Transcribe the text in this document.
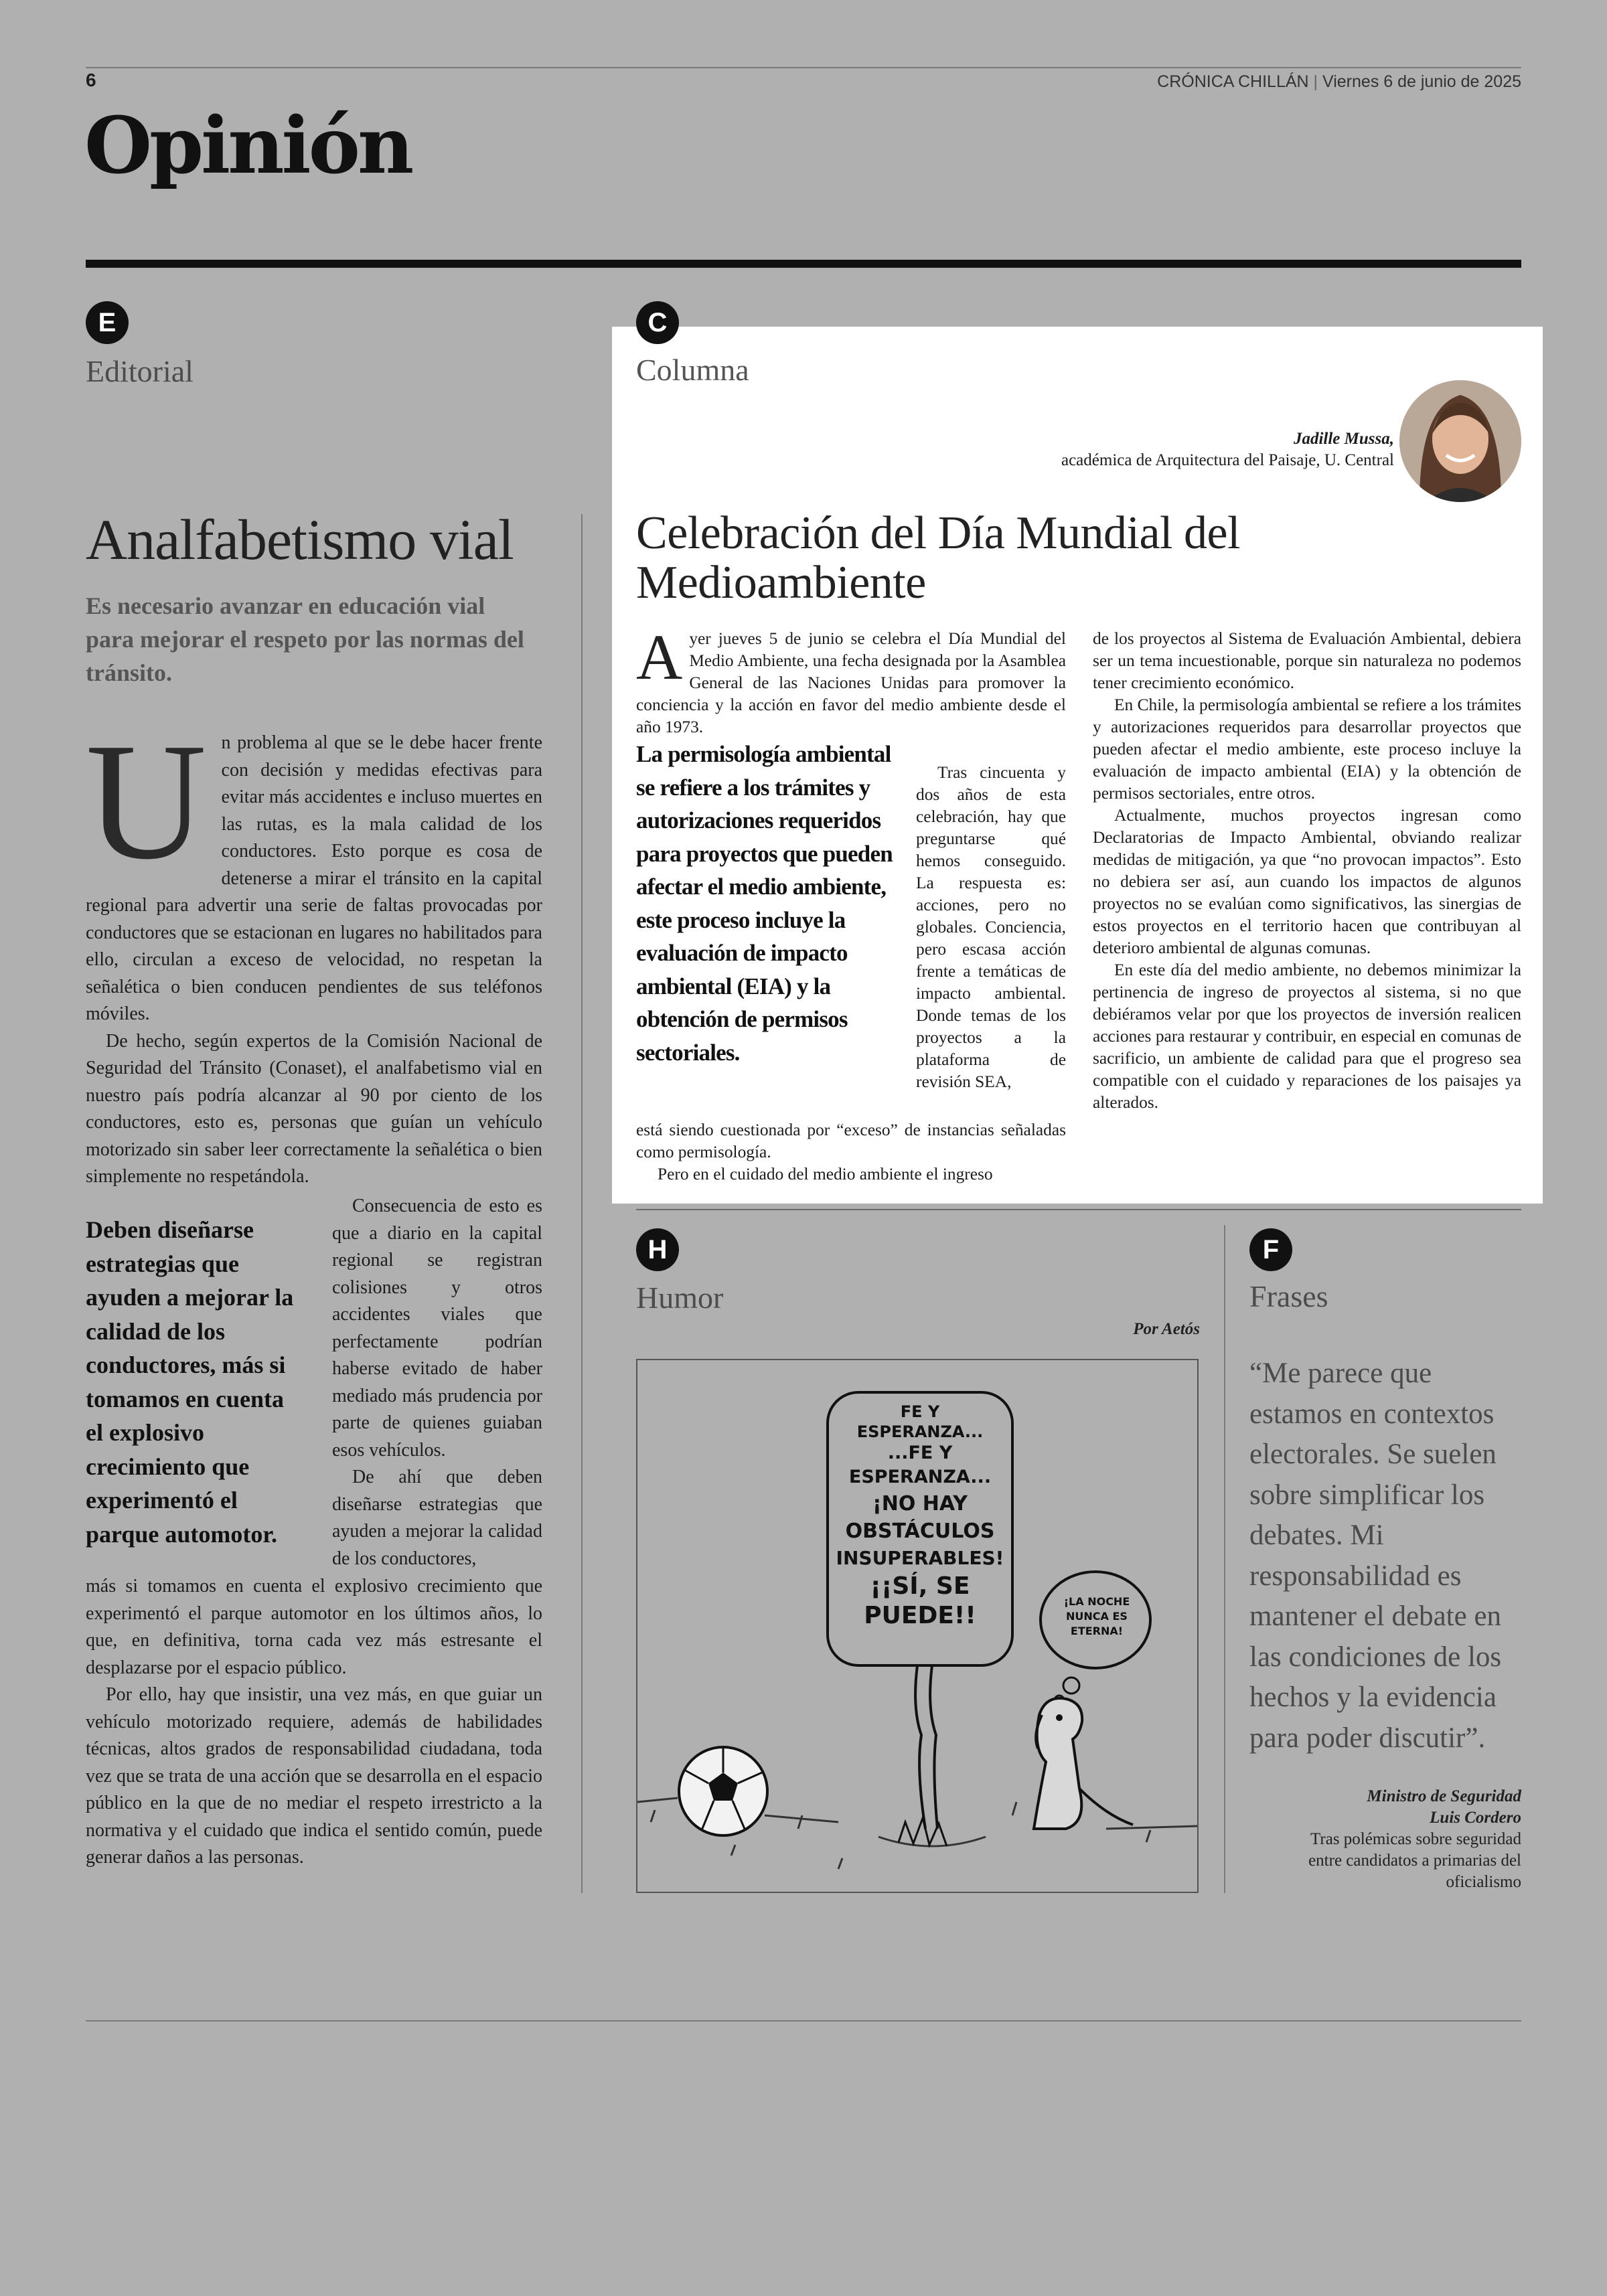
6	CRÓNICA CHILLÁN | Viernes 6 de junio de 2025
Opinión
E
Editorial
Analfabetismo vial
Es necesario avanzar en educación vial para mejorar el respeto por las normas del tránsito.
U n problema al que se le debe hacer frente con decisión y medidas efectivas para evitar más accidentes e incluso muertes en las rutas, es la mala calidad de los conductores. Esto porque es cosa de detenerse a mirar el tránsito en la capital regional para advertir una serie de faltas provocadas por conductores que se estacionan en lugares no habilitados para ello, circulan a exceso de velocidad, no respetan la señalética o bien conducen pendientes de sus teléfonos móviles.

De hecho, según expertos de la Comisión Nacional de Seguridad del Tránsito (Conaset), el analfabetismo vial en nuestro país podría alcanzar al 90 por ciento de los conductores, esto es, personas que guían un vehículo motorizado sin saber leer correctamente la señalética o bien simplemente no respetándola.

Deben diseñarse estrategias que ayuden a mejorar la calidad de los conductores, más si tomamos en cuenta el explosivo crecimiento que experimentó el parque automotor.

Consecuencia de esto es que a diario en la capital regional se registran colisiones y otros accidentes viales que perfectamente podrían haberse evitado de haber mediado más prudencia por parte de quienes guiaban esos vehículos.

De ahí que deben diseñarse estrategias que ayuden a mejorar la calidad de los conductores,

más si tomamos en cuenta el explosivo crecimiento que experimentó el parque automotor en los últimos años, lo que, en definitiva, torna cada vez más estresante el desplazarse por el espacio público.

Por ello, hay que insistir, una vez más, en que guiar un vehículo motorizado requiere, además de habilidades técnicas, altos grados de responsabilidad ciudadana, toda vez que se trata de una acción que se desarrolla en el espacio público en la que de no mediar el respeto irrestricto a la normativa y el cuidado que indica el sentido común, puede generar daños a las personas.

C
Columna
Jadille Mussa,
académica de Arquitectura del Paisaje, U. Central
Celebración del Día Mundial del Medioambiente
A yer jueves 5 de junio se celebra el Día Mundial del Medio Ambiente, una fecha designada por la Asamblea General de las Naciones Unidas para promover la conciencia y la acción en favor del medio ambiente desde el año 1973.

La permisología ambiental se refiere a los trámites y autorizaciones requeridos para proyectos que pueden afectar el medio ambiente, este proceso incluye la evaluación de impacto ambiental (EIA) y la obtención de permisos sectoriales.

Tras cincuenta y dos años de esta celebración, hay que preguntarse qué hemos conseguido. La respuesta es: acciones, pero no globales. Conciencia, pero escasa acción frente a temáticas de impacto ambiental. Donde temas de los proyectos a la plataforma de revisión SEA,

está siendo cuestionada por “exceso” de instancias señaladas como permisología.

Pero en el cuidado del medio ambiente el ingreso

de los proyectos al Sistema de Evaluación Ambiental, debiera ser un tema incuestionable, porque sin naturaleza no podemos tener crecimiento económico.

En Chile, la permisología ambiental se refiere a los trámites y autorizaciones requeridos para desarrollar proyectos que pueden afectar el medio ambiente, este proceso incluye la evaluación de impacto ambiental (EIA) y la obtención de permisos sectoriales, entre otros.

Actualmente, muchos proyectos ingresan como Declaratorias de Impacto Ambiental, obviando realizar medidas de mitigación, ya que “no provocan impactos”. Esto no debiera ser así, aun cuando los impactos de algunos proyectos no se evalúan como significativos, las sinergias de estos proyectos en el territorio hacen que contribuyan al deterioro ambiental de algunas comunas.

En este día del medio ambiente, no debemos minimizar la pertinencia de ingreso de proyectos al sistema, si no que debiéramos velar por que los proyectos de inversión realicen acciones para restaurar y contribuir, en especial en comunas de sacrificio, un ambiente de calidad para que el progreso sea compatible con el cuidado y reparaciones de los paisajes ya alterados.

H
Humor
Por Aetós
FE Y
ESPERANZA...
...FE Y
ESPERANZA...
¡NO HAY
OBSTÁCULOS
INSUPERABLES!
¡¡SÍ, SE
PUEDE!!
¡LA NOCHE
NUNCA ES
ETERNA!
F
Frases
“Me parece que estamos en contextos electorales. Se suelen sobre simplificar los debates. Mi responsabilidad es mantener el debate en las condiciones de los hechos y la evidencia para poder discutir”.
Ministro de Seguridad
Luis Cordero
Tras polémicas sobre seguridad entre candidatos a primarias del oficialismo
